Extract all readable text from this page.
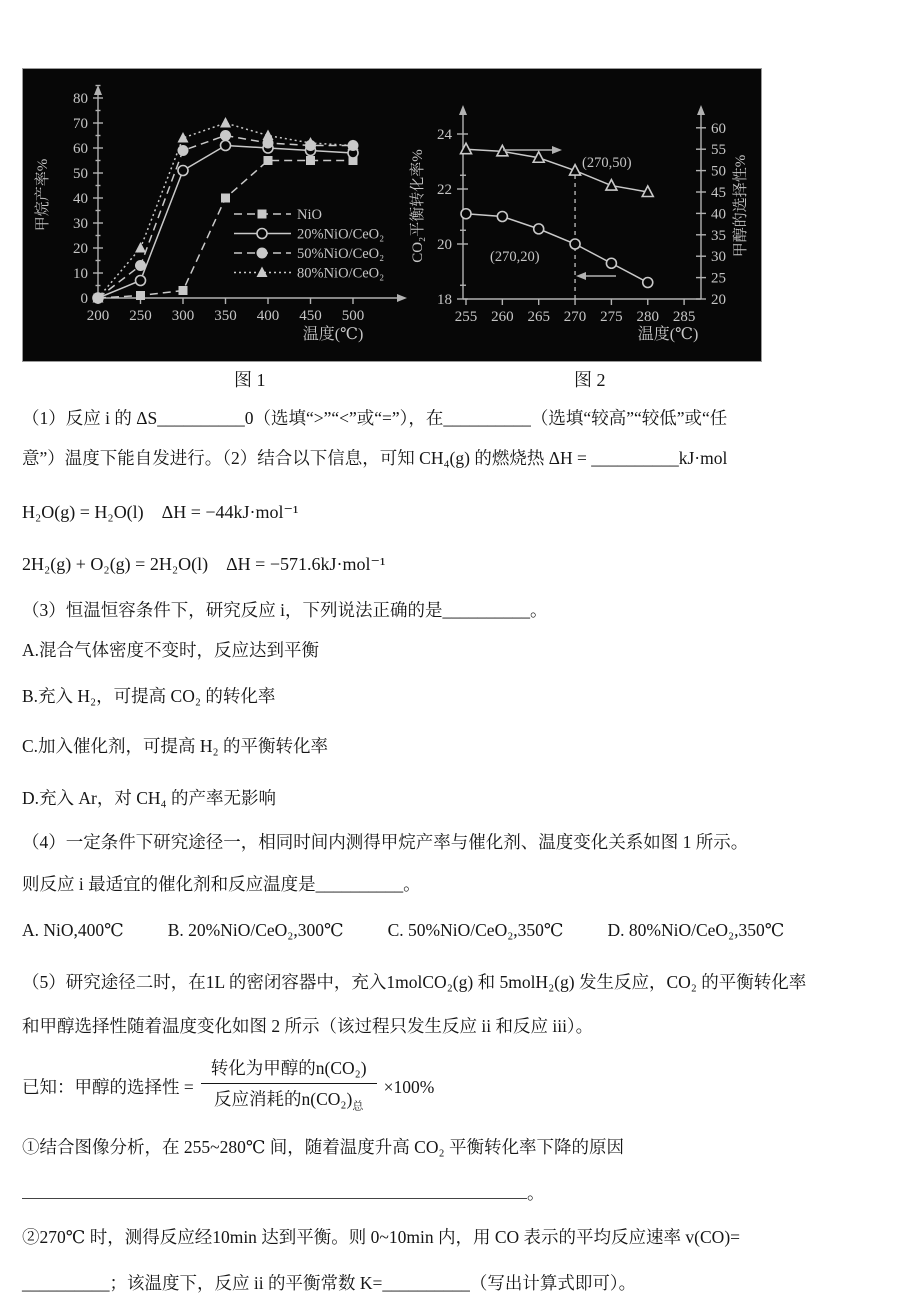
0
10
20
30
40
50
60
70
80
200 250 300 350 400 450 500
甲烷产率%
温度(℃)
NiO
20%NiO/CeO₂
50%NiO/CeO₂
80%NiO/CeO₂
255 260 265 270 275 280 285
18
20
22
24
20
25
30
35
40
45
50
55
60
CO₂平衡转化率%	甲醇的选择性%
温度(℃)
(270,50)
(270,20)
图 1	图 2

（1）反应 i 的 ΔS__________0（选填“>”“<”或“=”），在__________（选填“较高”“较低”或“任

意”）温度下能自发进行。（2）结合以下信息，可知 CH₄(g) 的燃烧热 ΔH = __________kJ·mol

H₂O(g) = H₂O(l)    ΔH = −44kJ·mol⁻¹

2H₂(g) + O₂(g) = 2H₂O(l)    ΔH = −571.6kJ·mol⁻¹

（3）恒温恒容条件下，研究反应 i，下列说法正确的是__________。

A.混合气体密度不变时，反应达到平衡

B.充入 H₂，可提高 CO₂ 的转化率

C.加入催化剂，可提高 H₂ 的平衡转化率

D.充入 Ar，对 CH₄ 的产率无影响

（4）一定条件下研究途径一，相同时间内测得甲烷产率与催化剂、温度变化关系如图 1 所示。

则反应 i 最适宜的催化剂和反应温度是__________。

A. NiO,400℃	B. 20%NiO/CeO₂,300℃	C. 50%NiO/CeO₂,350℃	D. 80%NiO/CeO₂,350℃

（5）研究途径二时，在1L 的密闭容器中，充入1molCO₂(g) 和 5molH₂(g) 发生反应，CO₂ 的平衡转化率

和甲醇选择性随着温度变化如图 2 所示（该过程只发生反应 ii 和反应 iii）。

已知：甲醇的选择性 = $\frac{\text{转化为甲醇的n(CO₂)}}{反应消耗的n(CO_2)_总} \times 100\%$

①结合图像分析，在 255~280℃ 间，随着温度升高 CO₂ 平衡转化率下降的原因

。

②270℃ 时，测得反应经10min 达到平衡。则 0~10min 内，用 CO 表示的平均反应速率 v(CO)=

__________；该温度下，反应 ii 的平衡常数 K=__________（写出计算式即可）。
